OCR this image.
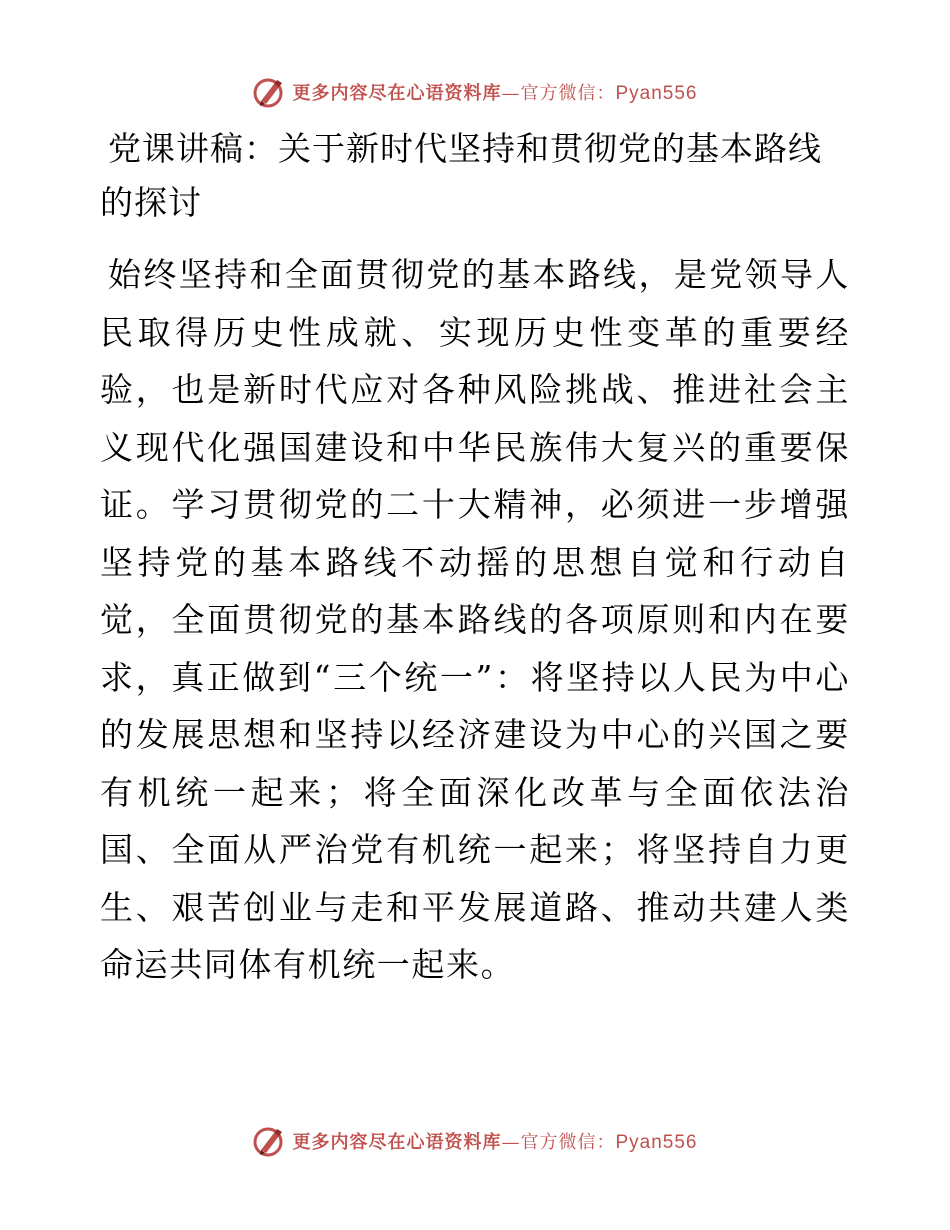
更多内容尽在心语资料库—官方微信：Pyan556
党课讲稿：关于新时代坚持和贯彻党的基本路线的探讨

始终坚持和全面贯彻党的基本路线，是党领导人民取得历史性成就、实现历史性变革的重要经验，也是新时代应对各种风险挑战、推进社会主义现代化强国建设和中华民族伟大复兴的重要保证。学习贯彻党的二十大精神，必须进一步增强坚持党的基本路线不动摇的思想自觉和行动自觉，全面贯彻党的基本路线的各项原则和内在要求，真正做到“三个统一”：将坚持以人民为中心的发展思想和坚持以经济建设为中心的兴国之要有机统一起来；将全面深化改革与全面依法治国、全面从严治党有机统一起来；将坚持自力更生、艰苦创业与走和平发展道路、推动共建人类命运共同体有机统一起来。

更多内容尽在心语资料库—官方微信：Pyan556
